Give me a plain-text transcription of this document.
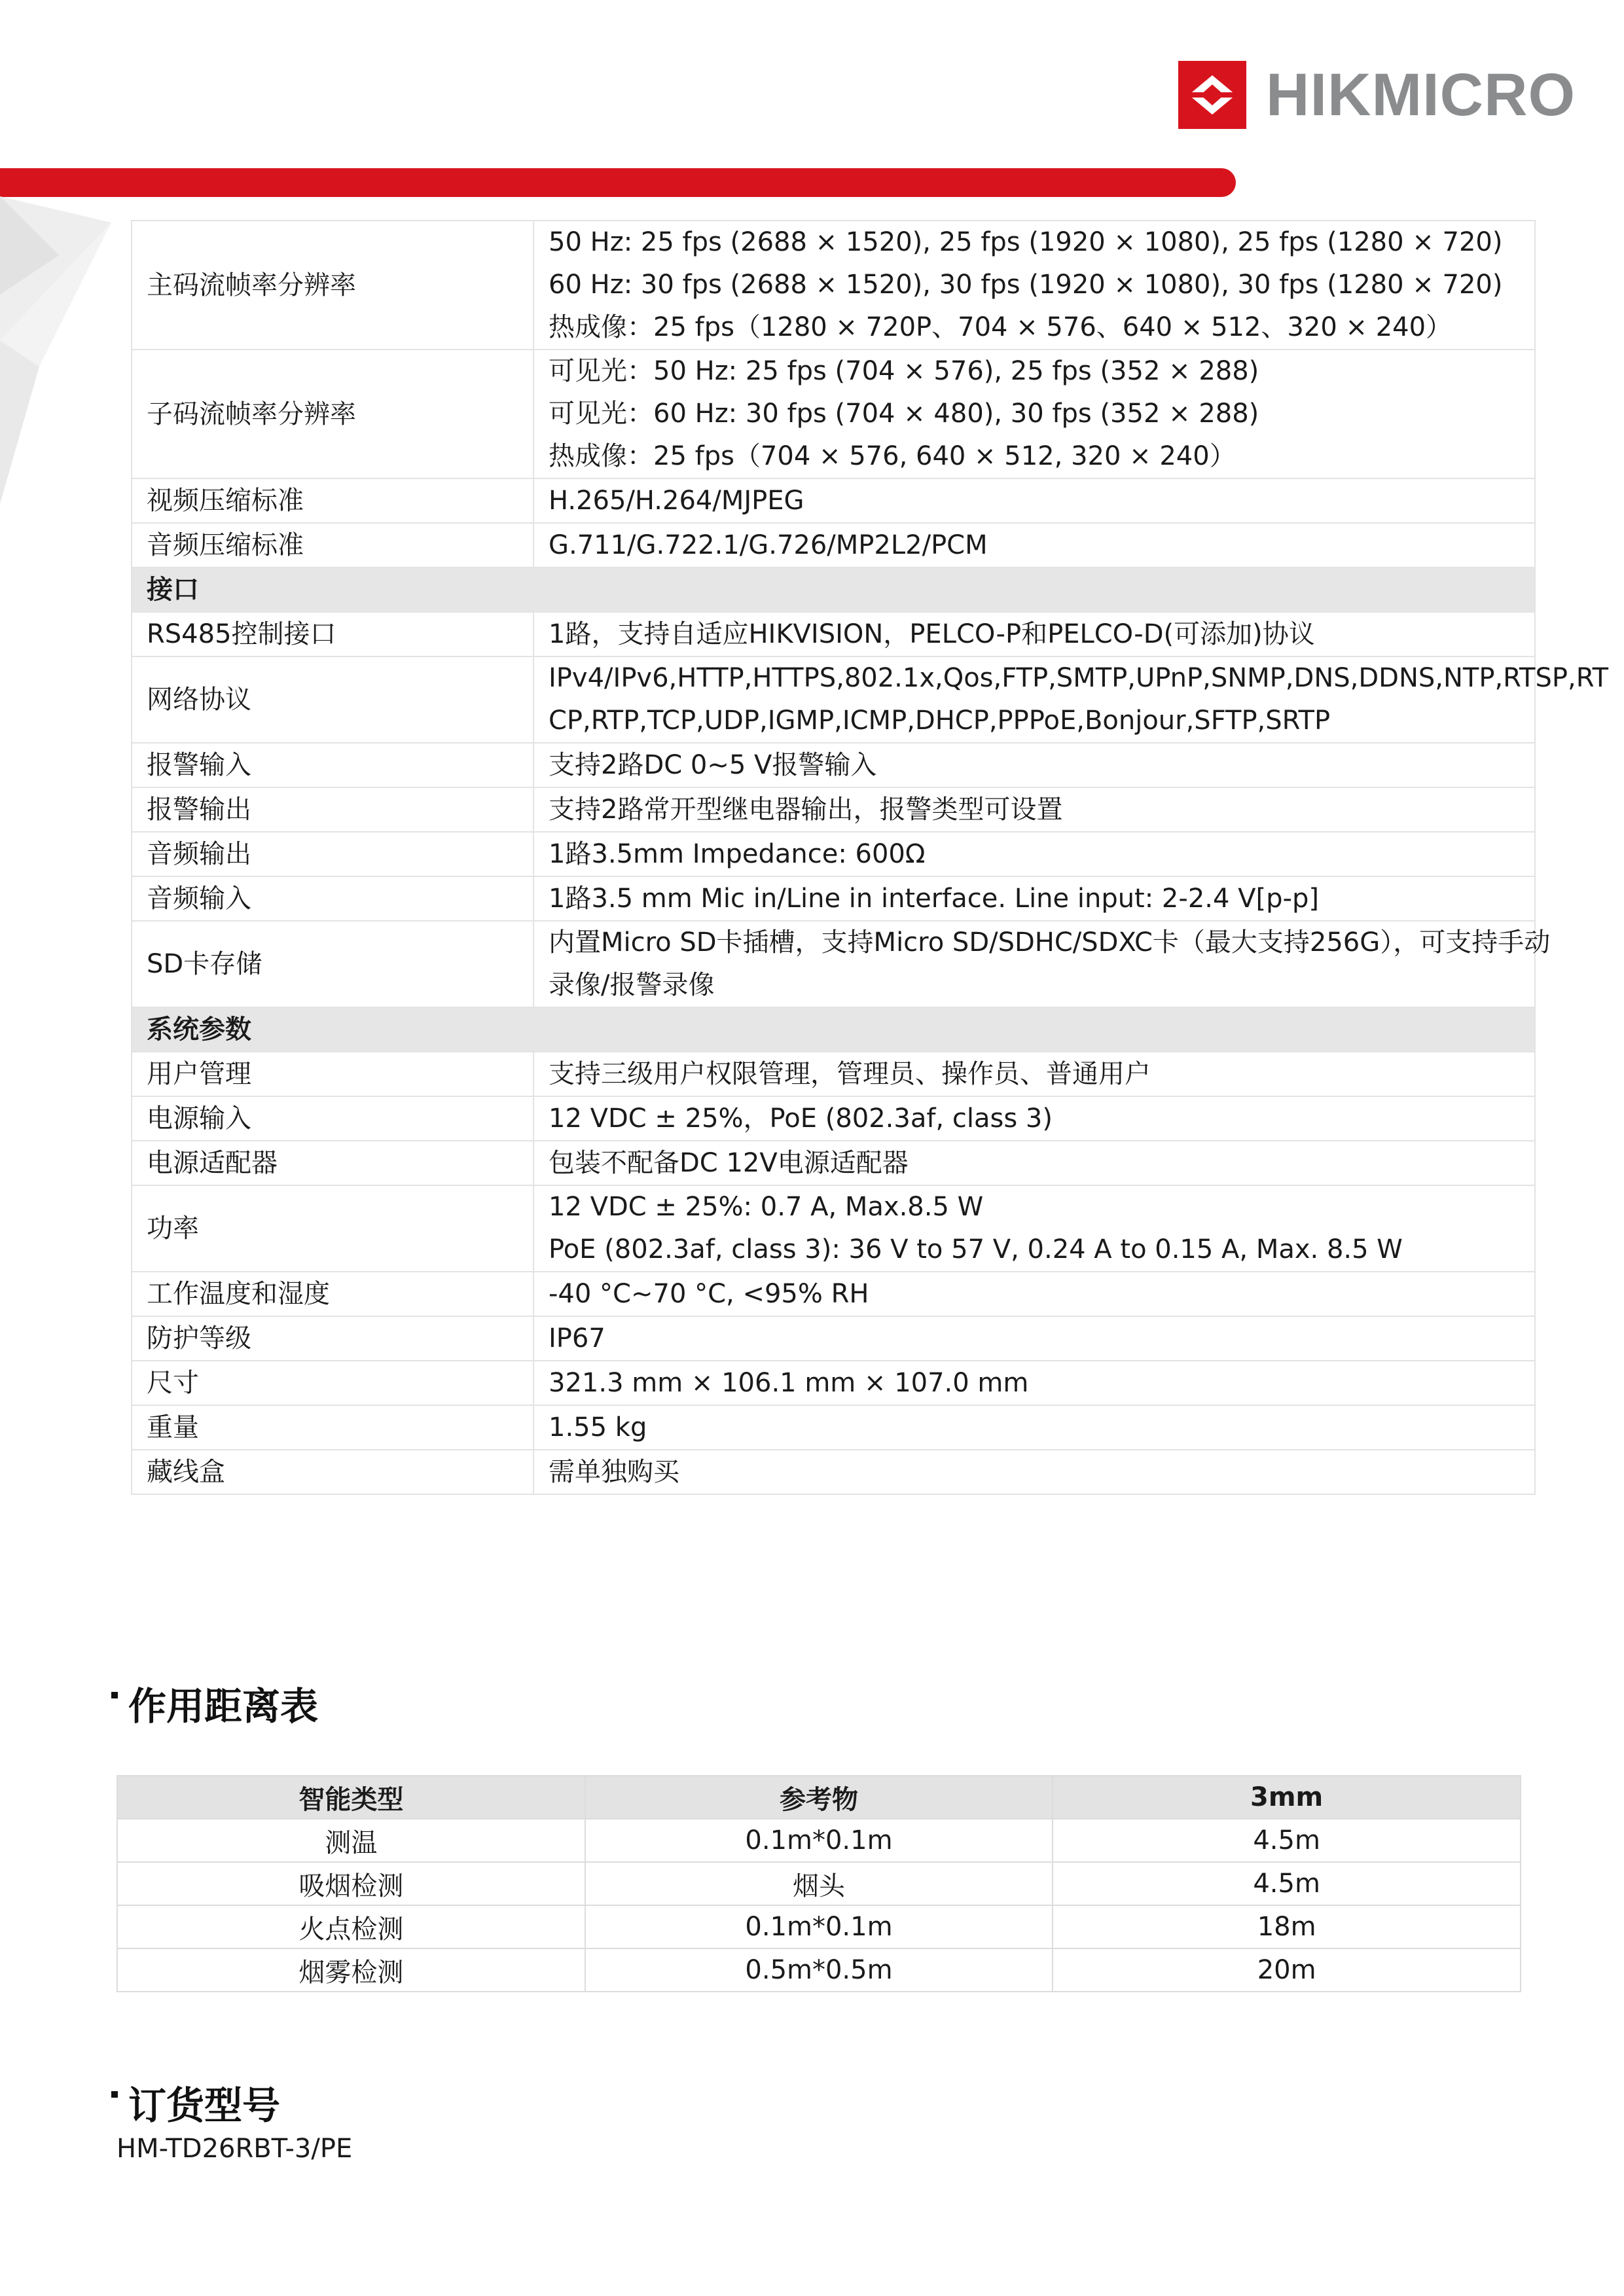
HIKMICRO
主码流帧率分辨率	50 Hz: 25 fps (2688 × 1520), 25 fps (1920 × 1080), 25 fps (1280 × 720)
60 Hz: 30 fps (2688 × 1520), 30 fps (1920 × 1080), 30 fps (1280 × 720)
热成像：25 fps（1280 × 720P、704 × 576、640 × 512、320 × 240）

子码流帧率分辨率	可见光：50 Hz: 25 fps (704 × 576), 25 fps (352 × 288)
可见光：60 Hz: 30 fps (704 × 480), 30 fps (352 × 288)
热成像：25 fps（704 × 576, 640 × 512, 320 × 240）

视频压缩标准	H.265/H.264/MJPEG

音频压缩标准	G.711/G.722.1/G.726/MP2L2/PCM

接口	
RS485控制接口	1路，支持自适应HIKVISION，PELCO-P和PELCO-D(可添加)协议

网络协议	IPv4/IPv6,HTTP,HTTPS,802.1x,Qos,FTP,SMTP,UPnP,SNMP,DNS,DDNS,NTP,RTSP,RT
CP,RTP,TCP,UDP,IGMP,ICMP,DHCP,PPPoE,Bonjour,SFTP,SRTP

报警输入	支持2路DC 0~5 V报警输入

报警输出	支持2路常开型继电器输出，报警类型可设置

音频输出	1路3.5mm Impedance: 600Ω

音频输入	1路3.5 mm Mic in/Line in interface. Line input: 2-2.4 V[p-p]

SD卡存储	内置Micro SD卡插槽，支持Micro SD/SDHC/SDXC卡（最大支持256G），可支持手动
录像/报警录像

系统参数	
用户管理	支持三级用户权限管理，管理员、操作员、普通用户

电源输入	12 VDC ± 25%，PoE (802.3af, class 3)

电源适配器	包装不配备DC 12V电源适配器

功率	12 VDC ± 25%: 0.7 A, Max.8.5 W
PoE (802.3af, class 3): 36 V to 57 V, 0.24 A to 0.15 A, Max. 8.5 W

工作温度和湿度	-40 °C~70 °C, <95% RH

防护等级	IP67

尺寸	321.3 mm × 106.1 mm × 107.0 mm

重量	1.55 kg

藏线盒	需单独购买
作用距离表
智能类型	参考物	3mm
测温	0.1m*0.1m	4.5m
吸烟检测	烟头	4.5m
火点检测	0.1m*0.1m	18m
烟雾检测	0.5m*0.5m	20m
订货型号
HM-TD26RBT-3/PE
